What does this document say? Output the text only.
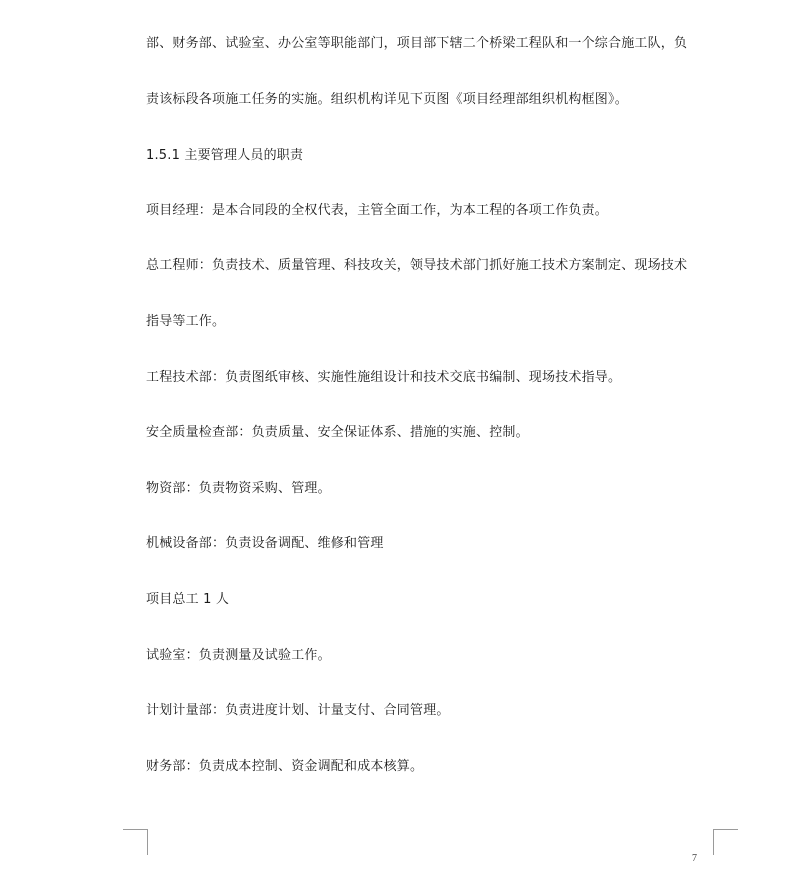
部、财务部、试验室、办公室等职能部门，项目部下辖二个桥梁工程队和一个综合施工队，负
责该标段各项施工任务的实施。组织机构详见下页图《项目经理部组织机构框图》。
1.5.1 主要管理人员的职责
项目经理：是本合同段的全权代表，主管全面工作，为本工程的各项工作负责。
总工程师：负责技术、质量管理、科技攻关，领导技术部门抓好施工技术方案制定、现场技术
指导等工作。
工程技术部：负责图纸审核、实施性施组设计和技术交底书编制、现场技术指导。
安全质量检查部：负责质量、安全保证体系、措施的实施、控制。
物资部：负责物资采购、管理。
机械设备部：负责设备调配、维修和管理
项目总工 1 人
试验室：负责测量及试验工作。
计划计量部：负责进度计划、计量支付、合同管理。
财务部：负责成本控制、资金调配和成本核算。
7
